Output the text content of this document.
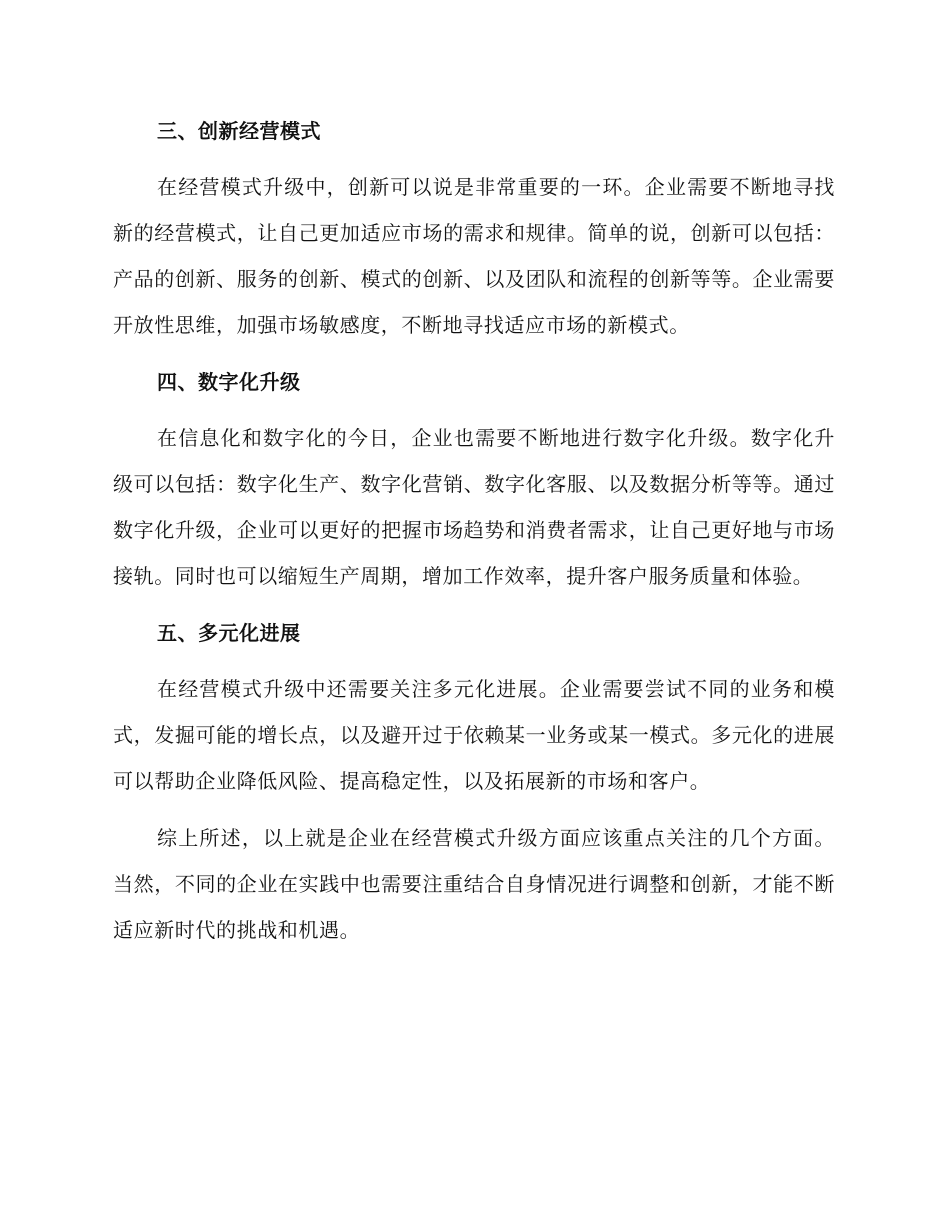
三、创新经营模式

在经营模式升级中，创新可以说是非常重要的一环。企业需要不断地寻找新的经营模式，让自己更加适应市场的需求和规律。简单的说，创新可以包括：产品的创新、服务的创新、模式的创新、以及团队和流程的创新等等。企业需要开放性思维，加强市场敏感度，不断地寻找适应市场的新模式。

四、数字化升级

在信息化和数字化的今日，企业也需要不断地进行数字化升级。数字化升级可以包括：数字化生产、数字化营销、数字化客服、以及数据分析等等。通过数字化升级，企业可以更好的把握市场趋势和消费者需求，让自己更好地与市场接轨。同时也可以缩短生产周期，增加工作效率，提升客户服务质量和体验。

五、多元化进展

在经营模式升级中还需要关注多元化进展。企业需要尝试不同的业务和模式，发掘可能的增长点，以及避开过于依赖某一业务或某一模式。多元化的进展可以帮助企业降低风险、提高稳定性，以及拓展新的市场和客户。

综上所述，以上就是企业在经营模式升级方面应该重点关注的几个方面。当然，不同的企业在实践中也需要注重结合自身情况进行调整和创新，才能不断适应新时代的挑战和机遇。
